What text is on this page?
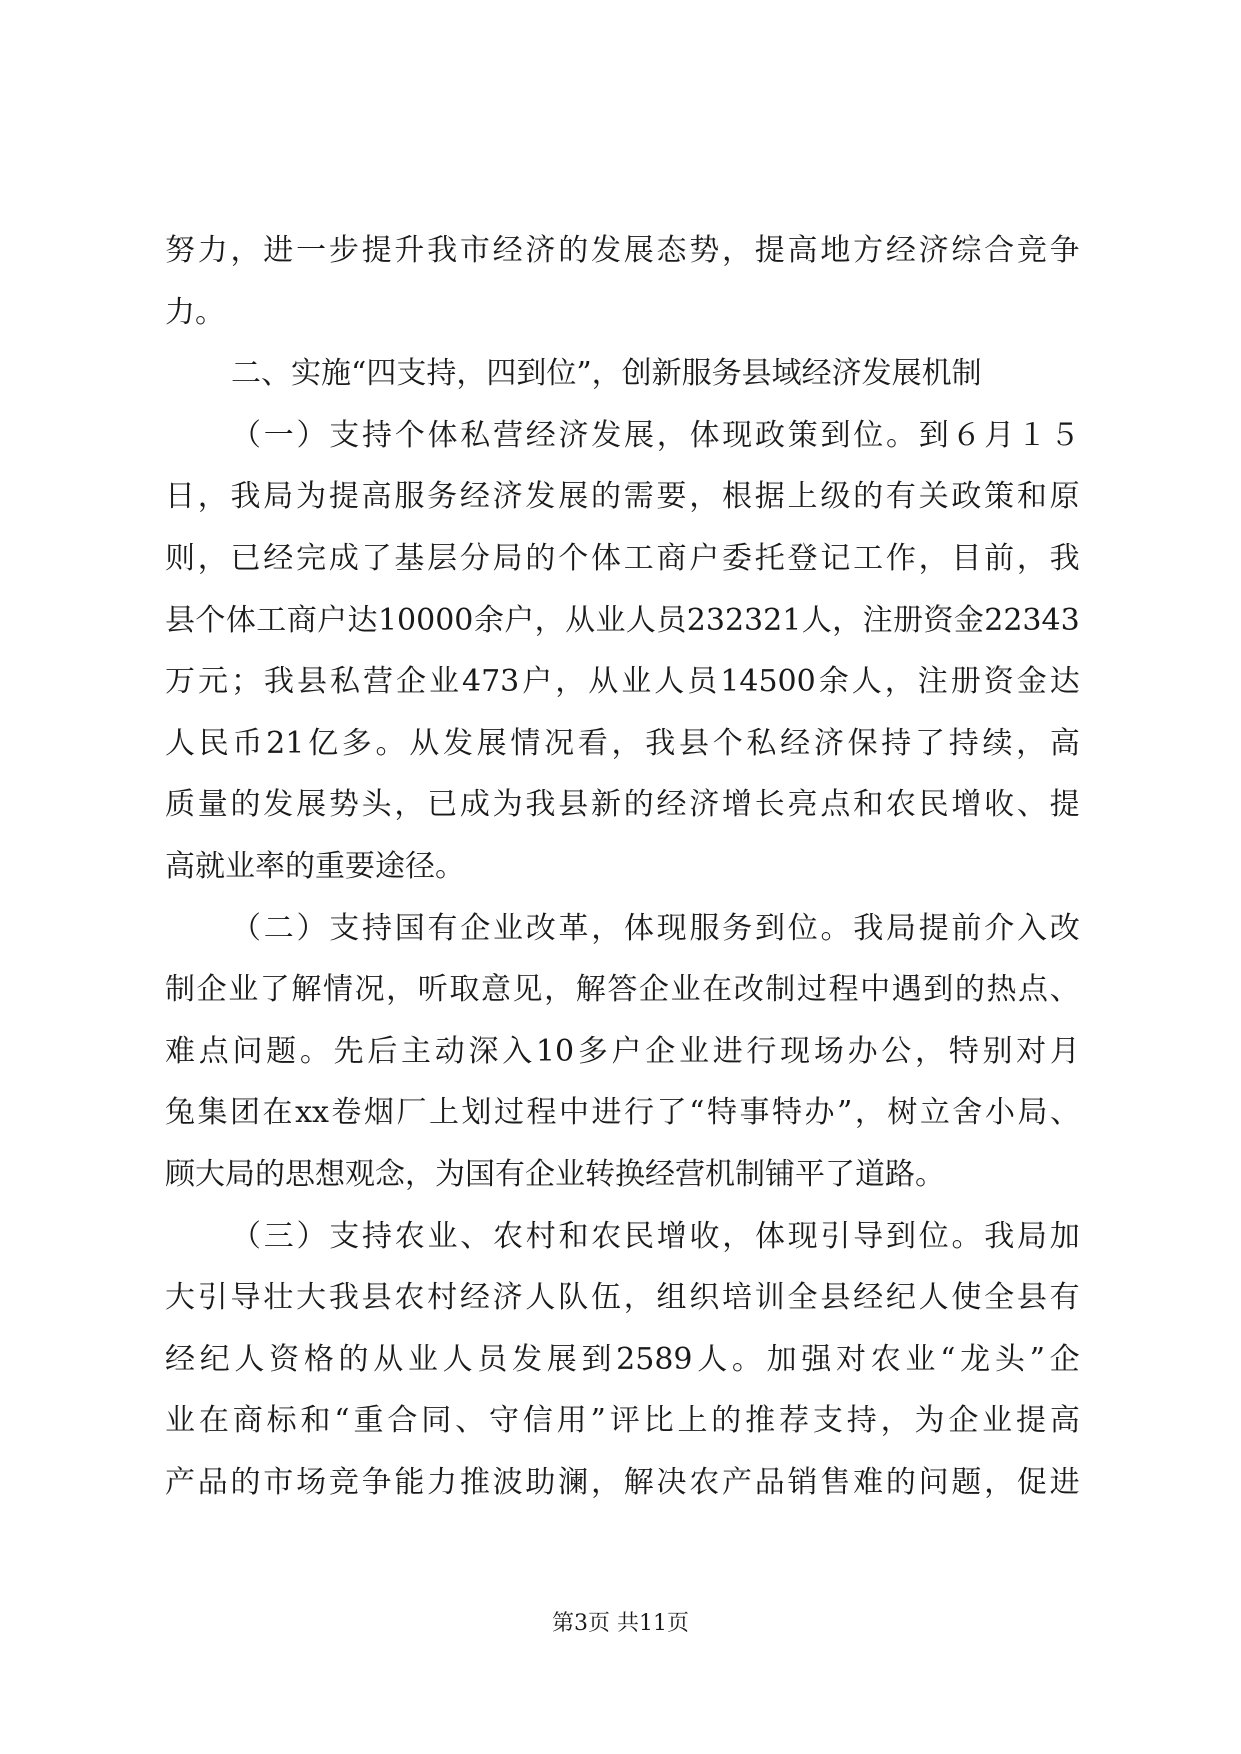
努 力 ， 进 一 步 提 升 我 市 经 济 的 发 展 态 势 ， 提 高 地 方 经 济 综 合 竞 争
力。
二、实施“四支持，四到位”，创新服务县域经济发展机制
（ 一 ） 支 持 个 体 私 营 经 济 发 展 ， 体 现 政 策 到 位 。 到 ６ 月 １ ５
日 ， 我 局 为 提 高 服 务 经 济 发 展 的 需 要 ， 根 据 上 级 的 有 关 政 策 和 原
则 ， 已 经 完 成 了 基 层 分 局 的 个 体 工 商 户 委 托 登 记 工 作 ， 目 前 ， 我
县 个 体 工 商 户 达 10000 余 户 ， 从 业 人 员 232321 人 ， 注 册 资 金 22343
万 元 ； 我 县 私 营 企 业 473 户 ， 从 业 人 员 14500 余 人 ， 注 册 资 金 达
人 民 币 21 亿 多 。 从 发 展 情 况 看 ， 我 县 个 私 经 济 保 持 了 持 续 ， 高
质 量 的 发 展 势 头 ， 已 成 为 我 县 新 的 经 济 增 长 亮 点 和 农 民 增 收 、 提
高就业率的重要途径。
（ 二 ） 支 持 国 有 企 业 改 革 ， 体 现 服 务 到 位 。 我 局 提 前 介 入 改
制 企 业 了 解 情 况 ， 听 取 意 见 ， 解 答 企 业 在 改 制 过 程 中 遇 到 的 热 点 、
难 点 问 题 。 先 后 主 动 深 入 10 多 户 企 业 进 行 现 场 办 公 ， 特 别 对 月
兔 集 团 在 xx 卷 烟 厂 上 划 过 程 中 进 行 了 “ 特 事 特 办 ” ， 树 立 舍 小 局 、
顾大局的思想观念，为国有企业转换经营机制铺平了道路。
（ 三 ） 支 持 农 业 、 农 村 和 农 民 增 收 ， 体 现 引 导 到 位 。 我 局 加
大 引 导 壮 大 我 县 农 村 经 济 人 队 伍 ， 组 织 培 训 全 县 经 纪 人 使 全 县 有
经 纪 人 资 格 的 从 业 人 员 发 展 到 2589 人 。 加 强 对 农 业 “ 龙 头 ” 企
业 在 商 标 和 “ 重 合 同 、 守 信 用 ” 评 比 上 的 推 荐 支 持 ， 为 企 业 提 高
产 品 的 市 场 竞 争 能 力 推 波 助 澜 ， 解 决 农 产 品 销 售 难 的 问 题 ， 促 进
第3页 共11页
